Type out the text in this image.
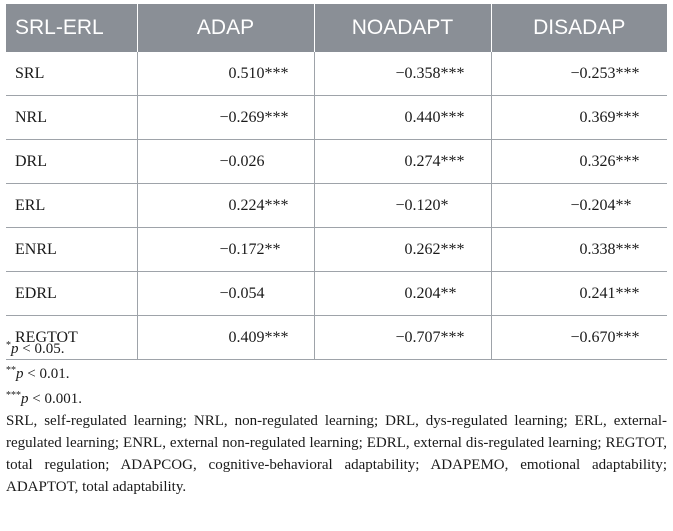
SRL-ERL	ADAP	NOADAPT	DISADAP
SRL	0.510***	−0.358***	−0.253***
NRL	−0.269***	0.440***	0.369***
DRL	−0.026	0.274***	0.326***
ERL	0.224***	−0.120*	−0.204**
ENRL	−0.172**	0.262***	0.338***
EDRL	−0.054	0.204**	0.241***
REGTOT	0.409***	−0.707***	−0.670***

*p < 0.05.

**p < 0.01.

***p < 0.001.

SRL, self-regulated learning; NRL, non-regulated learning; DRL, dys-regulated learning; ERL, external-regulated learning; ENRL, external non-regulated learning; EDRL, external dis-regulated learning; REGTOT, total regulation; ADAPCOG, cognitive-behavioral adaptability; ADAPEMO, emotional adaptability; ADAPTOT, total adaptability.
